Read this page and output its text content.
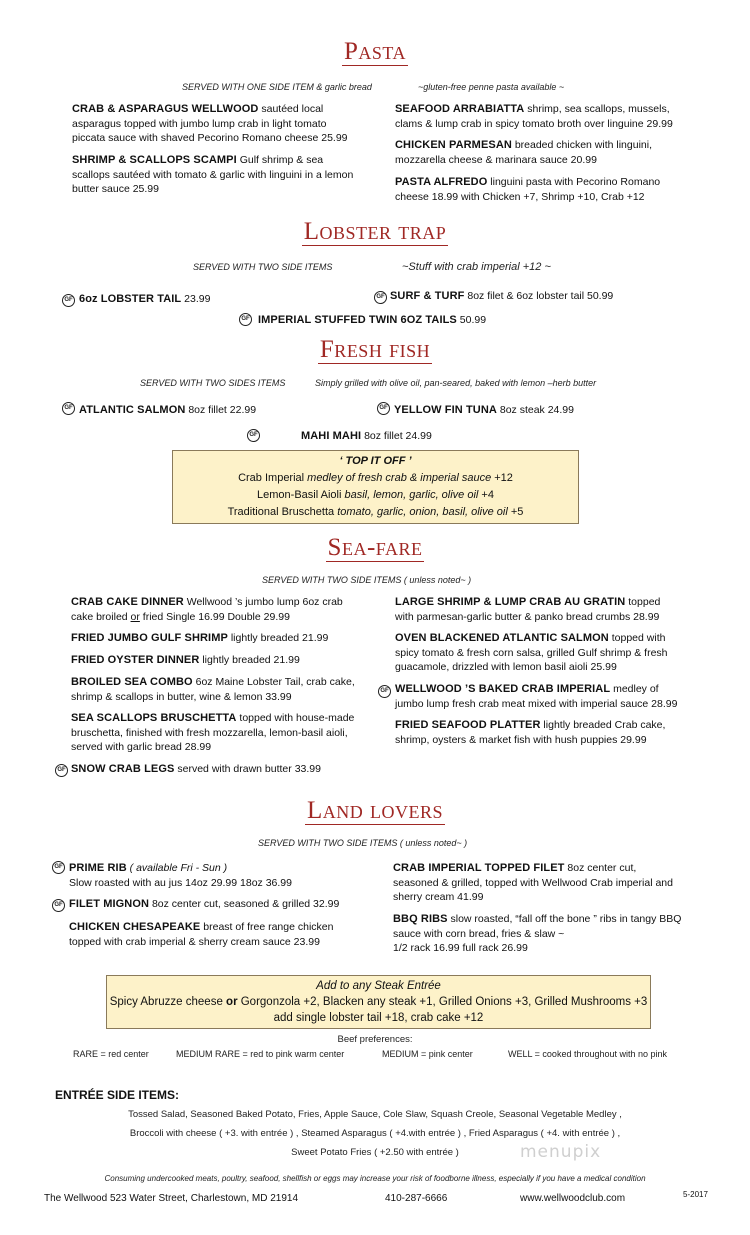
Pasta
SERVED WITH ONE SIDE ITEM & garlic bread	~gluten-free penne pasta available ~
CRAB & ASPARAGUS WELLWOOD sautéed local asparagus topped with jumbo lump crab in light tomato piccata sauce with shaved Pecorino Romano cheese 25.99
SHRIMP & SCALLOPS SCAMPI Gulf shrimp & sea scallops sautéed with tomato & garlic with linguini in a lemon butter sauce 25.99
SEAFOOD ARRABIATTA shrimp, sea scallops, mussels, clams & lump crab in spicy tomato broth over linguine 29.99
CHICKEN PARMESAN breaded chicken with linguini, mozzarella cheese & marinara sauce 20.99
PASTA ALFREDO linguini pasta with Pecorino Romano cheese 18.99 with Chicken +7, Shrimp +10, Crab +12
Lobster trap
SERVED WITH TWO SIDE ITEMS	~Stuff with crab imperial +12 ~
GF 6oz LOBSTER TAIL 23.99	GF SURF & TURF 8oz filet & 6oz lobster tail 50.99
GF IMPERIAL STUFFED TWIN 6OZ TAILS 50.99
Fresh fish
SERVED WITH TWO SIDES ITEMS	Simply grilled with olive oil, pan-seared, baked with lemon –herb butter
GF ATLANTIC SALMON 8oz fillet 22.99	GF YELLOW FIN TUNA 8oz steak 24.99
GF	MAHI MAHI 8oz fillet 24.99
‘ TOP IT OFF ’
Crab Imperial medley of fresh crab & imperial sauce +12
Lemon-Basil Aioli basil, lemon, garlic, olive oil +4
Traditional Bruschetta tomato, garlic, onion, basil, olive oil +5
Sea-fare
SERVED WITH TWO SIDE ITEMS ( unless noted~ )
CRAB CAKE DINNER Wellwood ’s jumbo lump 6oz crab cake broiled or fried Single 16.99 Double 29.99
FRIED JUMBO GULF SHRIMP lightly breaded 21.99
FRIED OYSTER DINNER lightly breaded 21.99
BROILED SEA COMBO 6oz Maine Lobster Tail, crab cake, shrimp & scallops in butter, wine & lemon 33.99
SEA SCALLOPS BRUSCHETTA topped with house-made bruschetta, finished with fresh mozzarella, lemon-basil aioli, served with garlic bread 28.99
GF SNOW CRAB LEGS served with drawn butter 33.99
LARGE SHRIMP & LUMP CRAB AU GRATIN topped with parmesan-garlic butter & panko bread crumbs 28.99
OVEN BLACKENED ATLANTIC SALMON topped with spicy tomato & fresh corn salsa, grilled Gulf shrimp & fresh guacamole, drizzled with lemon basil aioli 25.99
GF WELLWOOD ’S BAKED CRAB IMPERIAL medley of jumbo lump fresh crab meat mixed with imperial sauce 28.99
FRIED SEAFOOD PLATTER lightly breaded Crab cake, shrimp, oysters & market fish with hush puppies 29.99
Land lovers
SERVED WITH TWO SIDE ITEMS ( unless noted~ )
GF PRIME RIB ( available Fri - Sun )
Slow roasted with au jus 14oz 29.99 18oz 36.99
GF FILET MIGNON 8oz center cut, seasoned & grilled 32.99
CHICKEN CHESAPEAKE breast of free range chicken topped with crab imperial & sherry cream sauce 23.99
CRAB IMPERIAL TOPPED FILET 8oz center cut, seasoned & grilled, topped with Wellwood Crab imperial and sherry cream 41.99
BBQ RIBS slow roasted, “fall off the bone ” ribs in tangy BBQ sauce with corn bread, fries & slaw ~
1/2 rack 16.99 full rack 26.99
Add to any Steak Entrée
Spicy Abruzze cheese or Gorgonzola +2, Blacken any steak +1, Grilled Onions +3, Grilled Mushrooms +3
add single lobster tail +18, crab cake +12
Beef preferences:
RARE = red center	MEDIUM RARE = red to pink warm center	MEDIUM = pink center	WELL = cooked throughout with no pink
ENTRÉE SIDE ITEMS:
Tossed Salad, Seasoned Baked Potato, Fries, Apple Sauce, Cole Slaw, Squash Creole, Seasonal Vegetable Medley ,
Broccoli with cheese ( +3. with entrée ) , Steamed Asparagus ( +4.with entrée ) , Fried Asparagus ( +4. with entrée ) ,
Sweet Potato Fries ( +2.50 with entrée )	menupix
Consuming undercooked meats, poultry, seafood, shellfish or eggs may increase your risk of foodborne illness, especially if you have a medical condition
The Wellwood 523 Water Street, Charlestown, MD 21914	410-287-6666	www.wellwoodclub.com	5-2017
